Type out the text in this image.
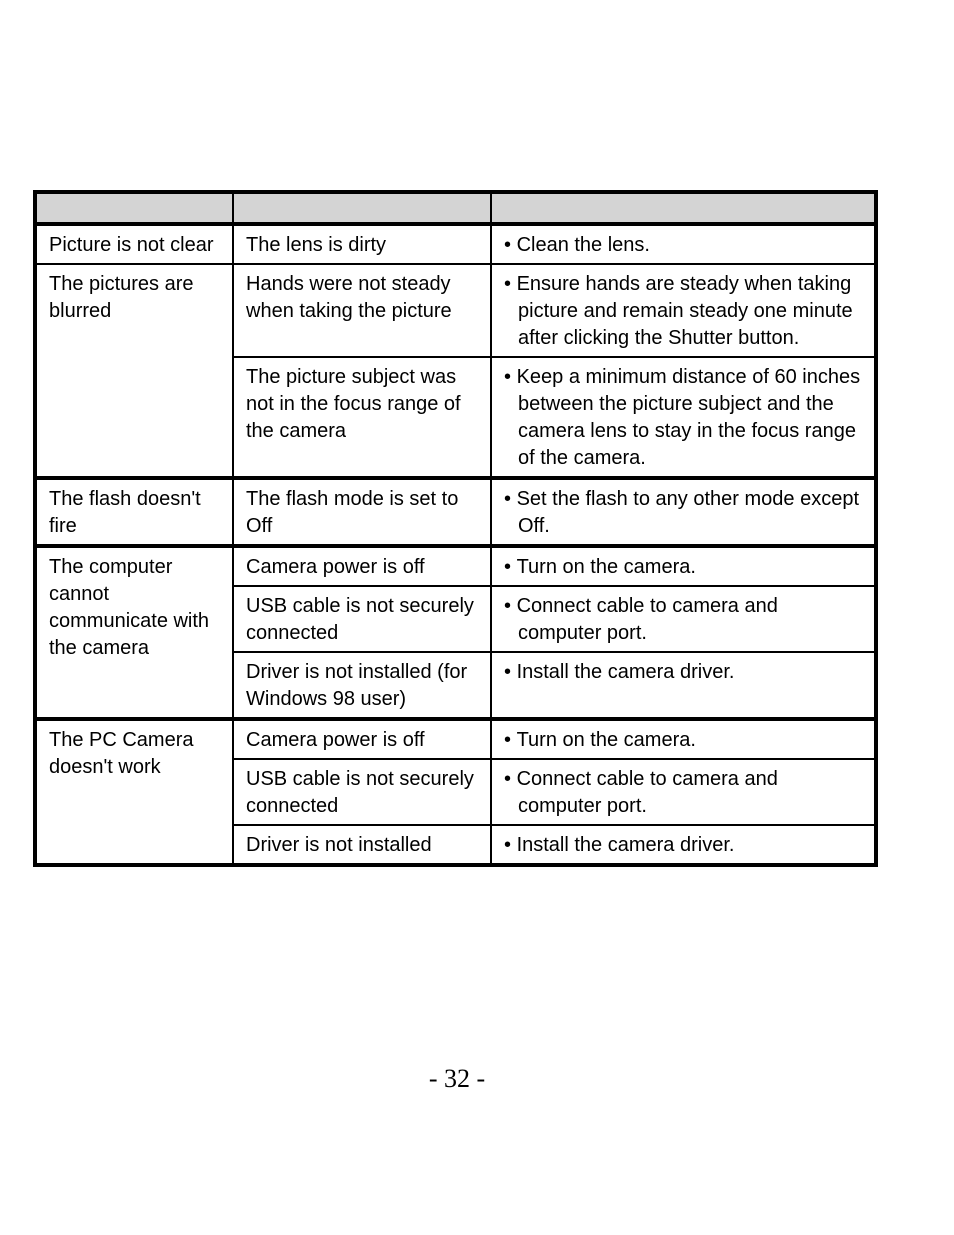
Picture is not clear	The lens is dirty	• Clean the lens.

The pictures are blurred	Hands were not steady when taking the picture	• Ensure hands are steady when taking picture and remain steady one minute after clicking the Shutter button.

	The picture subject was not in the focus range of the camera	• Keep a minimum distance of 60 inches between the picture subject and the camera lens to stay in the focus range of the camera.

The flash doesn't fire	The flash mode is set to Off	• Set the flash to any other mode except Off.

The computer cannot communicate with the camera	Camera power is off	• Turn on the camera.

	USB cable is not securely connected	• Connect cable to camera and computer port.

	Driver is not installed (for Windows 98 user)	• Install the camera driver.

The PC Camera doesn't work	Camera power is off	• Turn on the camera.

	USB cable is not securely connected	• Connect cable to camera and computer port.

	Driver is not installed	• Install the camera driver.
- 32 -
